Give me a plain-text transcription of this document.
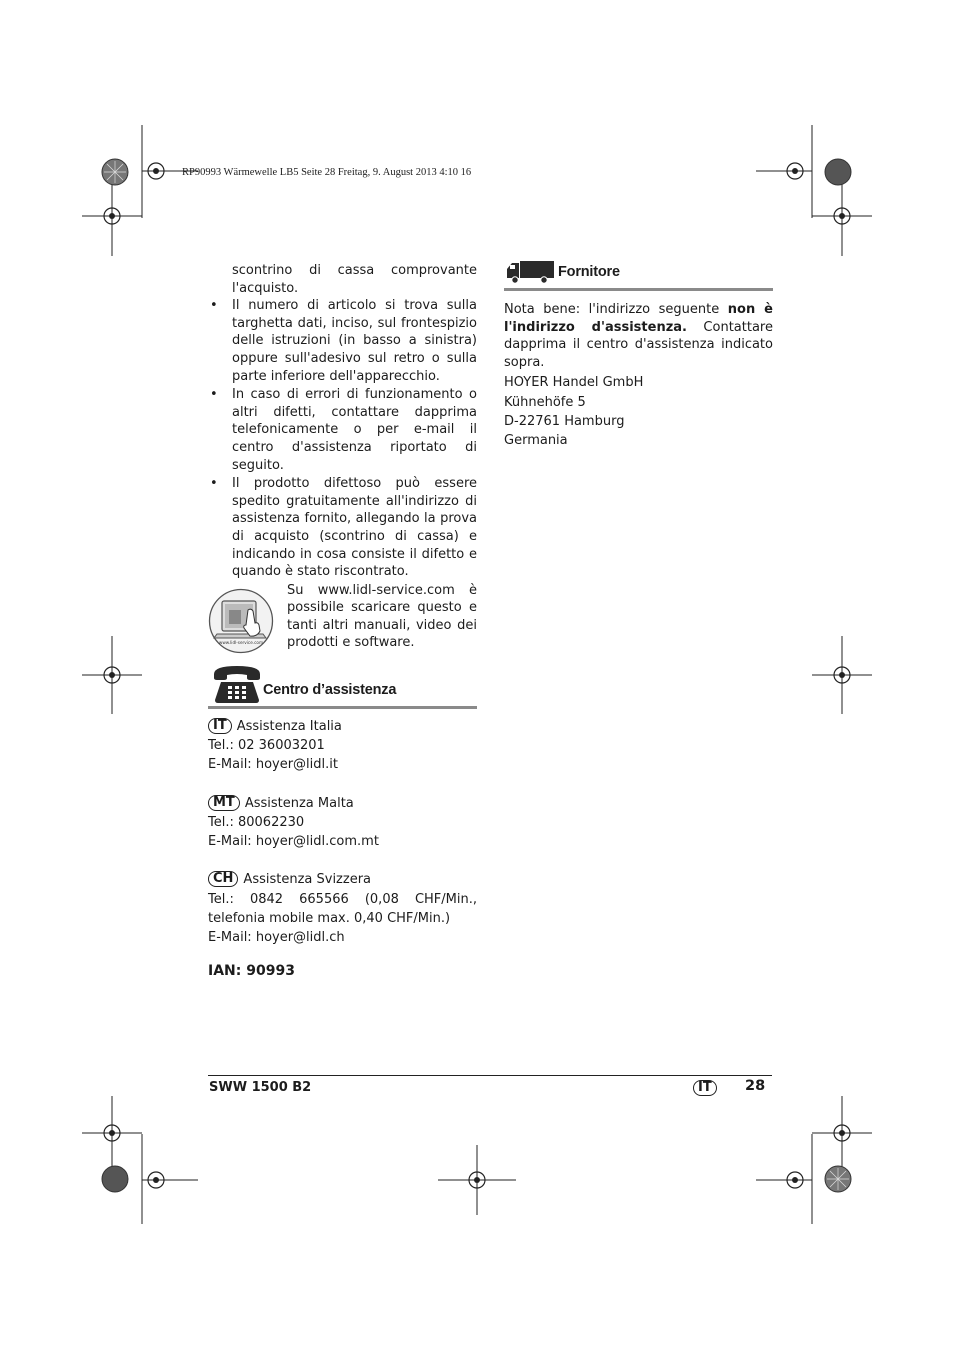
RP90993 Wärmewelle LB5 Seite 28 Freitag, 9. August 2013 4:10 16
scontrino di cassa comprovante l'acquisto.
• Il numero di articolo si trova sulla targhetta dati, inciso, sul frontespizio delle istruzioni (in basso a sinistra) oppure sull'adesivo sul retro o sulla parte inferiore dell'apparecchio.
• In caso di errori di funzionamento o altri difetti, contattare dapprima telefonicamente o per e-mail il centro d'assistenza riportato di seguito.
• Il prodotto difettoso può essere spedito gratuitamente all'indirizzo di assistenza fornito, allegando la prova di acquisto (scontrino di cassa) e indicando in cosa consiste il difetto e quando è stato riscontrato.
www.lidl-service.com
Su www.lidl-service.com è possibile scaricare questo e tanti altri manuali, video dei prodotti e software.
Centro d’assistenza
IT Assistenza Italia
Tel.: 02 36003201
E-Mail: hoyer@lidl.it
MT Assistenza Malta
Tel.: 80062230
E-Mail: hoyer@lidl.com.mt
CH Assistenza Svizzera
Tel.: 0842 665566 (0,08 CHF/Min.,
telefonia mobile max. 0,40 CHF/Min.)
E-Mail: hoyer@lidl.ch
IAN: 90993
Fornitore
Nota bene: l'indirizzo seguente non è l'indirizzo d'assistenza. Contattare dapprima il centro d'assistenza indicato sopra.
HOYER Handel GmbH
Kühnehöfe 5
D-22761 Hamburg
Germania
SWW 1500 B2	IT	28
